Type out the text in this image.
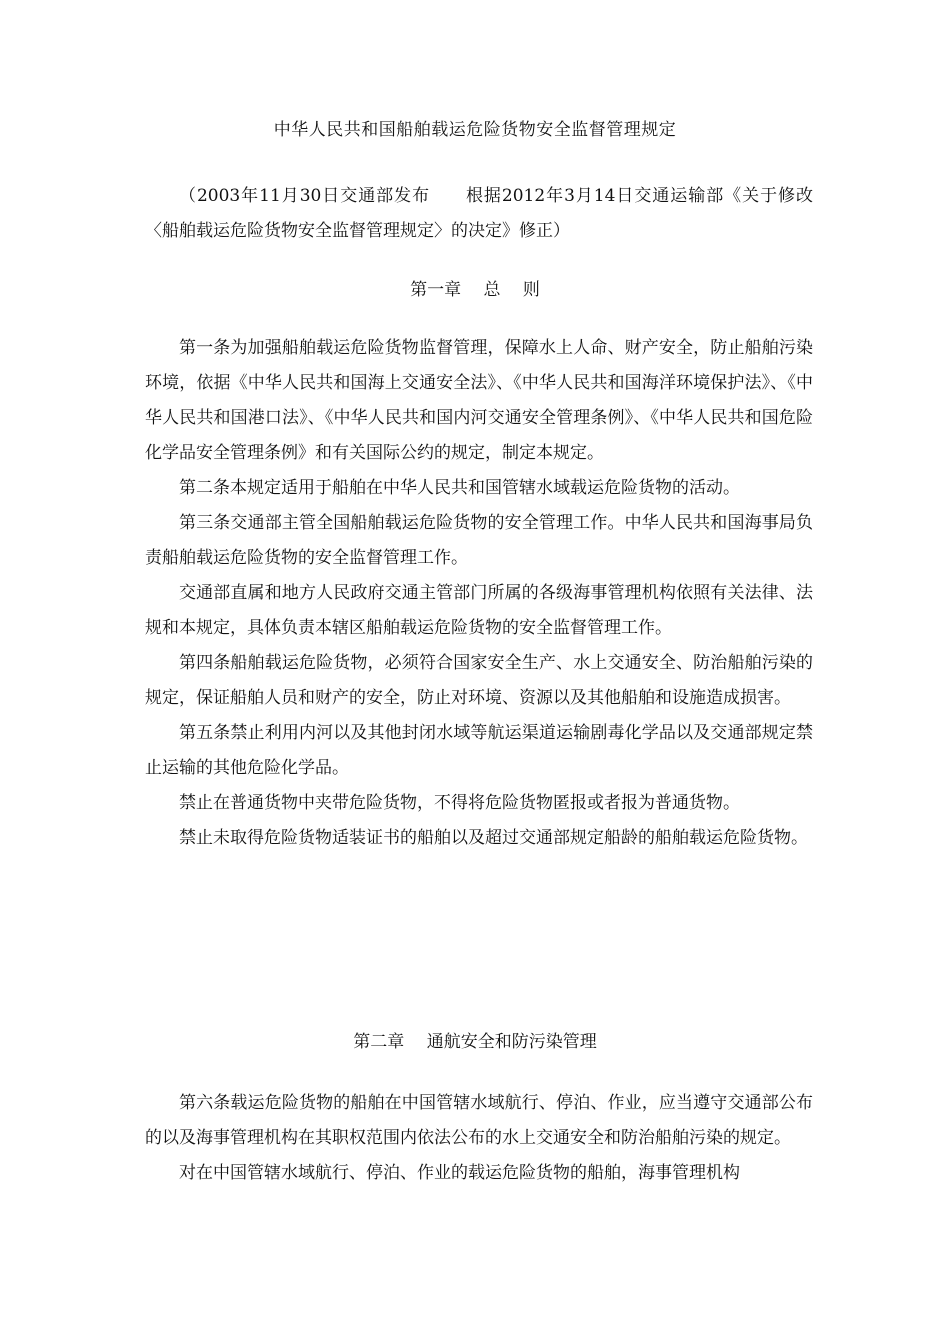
中华人民共和国船舶载运危险货物安全监督管理规定
（2003年11月30日交通部发布　　根据2012年3月14日交通运输部《关于修改〈船舶载运危险货物安全监督管理规定〉的决定》修正）
第一章　 总　 则

第一条为加强船舶载运危险货物监督管理，保障水上人命、财产安全，防止船舶污染环境，依据《中华人民共和国海上交通安全法》、《中华人民共和国海洋环境保护法》、《中华人民共和国港口法》、《中华人民共和国内河交通安全管理条例》、《中华人民共和国危险化学品安全管理条例》和有关国际公约的规定，制定本规定。

第二条本规定适用于船舶在中华人民共和国管辖水域载运危险货物的活动。

第三条交通部主管全国船舶载运危险货物的安全管理工作。中华人民共和国海事局负责船舶载运危险货物的安全监督管理工作。

交通部直属和地方人民政府交通主管部门所属的各级海事管理机构依照有关法律、法规和本规定，具体负责本辖区船舶载运危险货物的安全监督管理工作。

第四条船舶载运危险货物，必须符合国家安全生产、水上交通安全、防治船舶污染的规定，保证船舶人员和财产的安全，防止对环境、资源以及其他船舶和设施造成损害。

第五条禁止利用内河以及其他封闭水域等航运渠道运输剧毒化学品以及交通部规定禁止运输的其他危险化学品。

禁止在普通货物中夹带危险货物，不得将危险货物匿报或者报为普通货物。

禁止未取得危险货物适装证书的船舶以及超过交通部规定船龄的船舶载运危险货物。

第二章　 通航安全和防污染管理

第六条载运危险货物的船舶在中国管辖水域航行、停泊、作业，应当遵守交通部公布的以及海事管理机构在其职权范围内依法公布的水上交通安全和防治船舶污染的规定。

对在中国管辖水域航行、停泊、作业的载运危险货物的船舶，海事管理机构
